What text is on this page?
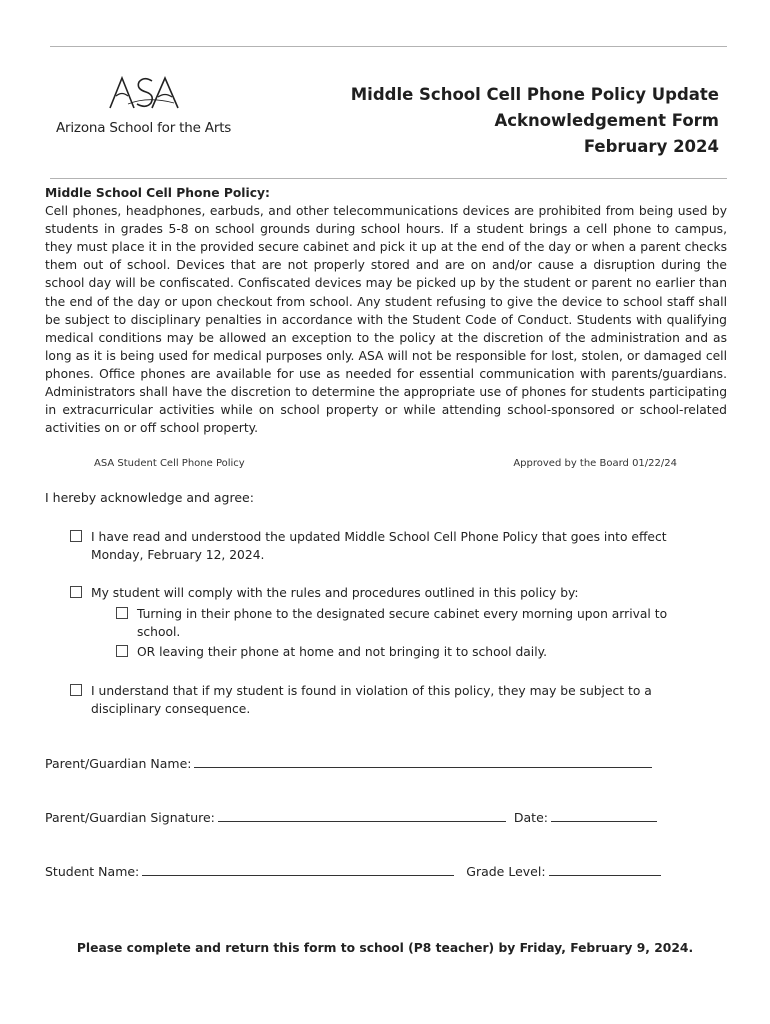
Arizona School for the Arts
Middle School Cell Phone Policy Update
Acknowledgement Form
February 2024
Middle School Cell Phone Policy:
Cell phones, headphones, earbuds, and other telecommunications devices are prohibited from being used by students in grades 5-8 on school grounds during school hours. If a student brings a cell phone to campus, they must place it in the provided secure cabinet and pick it up at the end of the day or when a parent checks them out of school. Devices that are not properly stored and are on and/or cause a disruption during the school day will be confiscated. Confiscated devices may be picked up by the student or parent no earlier than the end of the day or upon checkout from school. Any student refusing to give the device to school staff shall be subject to disciplinary penalties in accordance with the Student Code of Conduct. Students with qualifying medical conditions may be allowed an exception to the policy at the discretion of the administration and as long as it is being used for medical purposes only. ASA will not be responsible for lost, stolen, or damaged cell phones. Office phones are available for use as needed for essential communication with parents/guardians. Administrators shall have the discretion to determine the appropriate use of phones for students participating in extracurricular activities while on school property or while attending school-sponsored or school-related activities on or off school property.
ASA Student Cell Phone Policy	Approved by the Board 01/22/24
I hereby acknowledge and agree:
I have read and understood the updated Middle School Cell Phone Policy that goes into effect Monday, February 12, 2024.
My student will comply with the rules and procedures outlined in this policy by:
Turning in their phone to the designated secure cabinet every morning upon arrival to school.
OR leaving their phone at home and not bringing it to school daily.
I understand that if my student is found in violation of this policy, they may be subject to a disciplinary consequence.
Parent/Guardian Name:
Parent/Guardian Signature:	Date:
Student Name:	Grade Level:
Please complete and return this form to school (P8 teacher) by Friday, February 9, 2024.
